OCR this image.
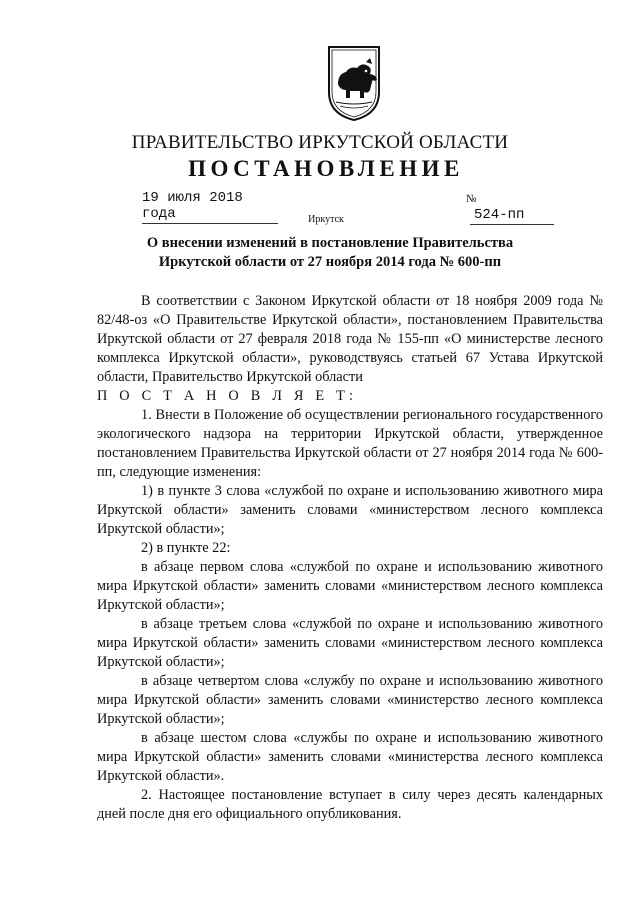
ПРАВИТЕЛЬСТВО ИРКУТСКОЙ ОБЛАСТИ
ПОСТАНОВЛЕНИЕ
19 июля 2018 года
№ 524-пп
Иркутск
О внесении изменений в постановление Правительства
Иркутской области от 27 ноября 2014 года № 600-пп

В соответствии с Законом Иркутской области от 18 ноября 2009 года № 82/48-оз «О Правительстве Иркутской области», постановлением Правительства Иркутской области от 27 февраля 2018 года № 155-пп «О министерстве лесного комплекса Иркутской области», руководствуясь статьей 67 Устава Иркутской области, Правительство Иркутской области

П О С Т А Н О В Л Я Е Т:

1. Внести в Положение об осуществлении регионального государственного экологического надзора на территории Иркутской области, утвержденное постановлением Правительства Иркутской области от 27 ноября 2014 года № 600-пп, следующие изменения:

1) в пункте 3 слова «службой по охране и использованию животного мира Иркутской области» заменить словами «министерством лесного комплекса Иркутской области»;

2) в пункте 22:

в абзаце первом слова «службой по охране и использованию животного мира Иркутской области» заменить словами «министерством лесного комплекса Иркутской области»;

в абзаце третьем слова «службой по охране и использованию животного мира Иркутской области» заменить словами «министерством лесного комплекса Иркутской области»;

в абзаце четвертом слова «службу по охране и использованию животного мира Иркутской области» заменить словами «министерство лесного комплекса Иркутской области»;

в абзаце шестом слова «службы по охране и использованию животного мира Иркутской области» заменить словами «министерства лесного комплекса Иркутской области».

2. Настоящее постановление вступает в силу через десять календарных дней после дня его официального опубликования.
